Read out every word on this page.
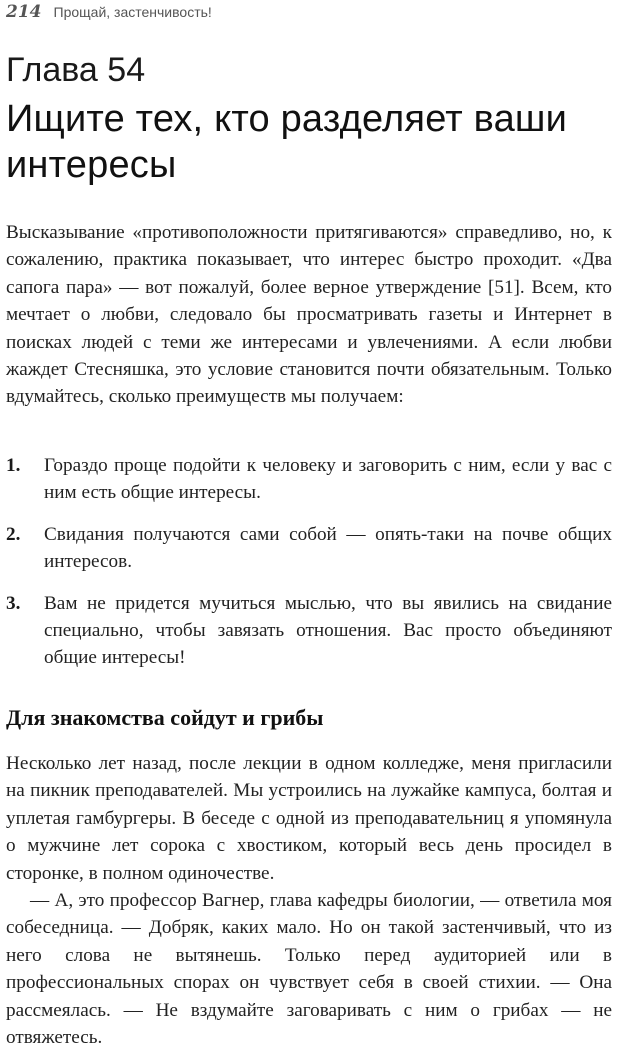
214 Прощай, застенчивость!
Глава 54
Ищите тех, кто разделяет ваши интересы

Высказывание «противоположности притягиваются» справедливо, но, к сожалению, практика показывает, что интерес быстро проходит. «Два сапога пара» — вот пожалуй, более верное утверждение [51]. Всем, кто мечтает о любви, следовало бы просматривать газеты и Интернет в поисках людей с теми же интересами и увлечениями. А если любви жаждет Стесняшка, это условие становится почти обязательным. Только вдумайтесь, сколько преимуществ мы получаем:

1.	Гораздо проще подойти к человеку и заговорить с ним, если у вас с ним есть общие интересы.
2.	Свидания получаются сами собой — опять-таки на почве общих интересов.
3.	Вам не придется мучиться мыслью, что вы явились на свидание специально, чтобы завязать отношения. Вас просто объединяют общие интересы!
Для знакомства сойдут и грибы

Несколько лет назад, после лекции в одном колледже, меня пригласили на пикник преподавателей. Мы устроились на лужайке кампуса, болтая и уплетая гамбургеры. В беседе с одной из преподавательниц я упомянула о мужчине лет сорока с хвостиком, который весь день просидел в сторонке, в полном одиночестве.

— А, это профессор Вагнер, глава кафедры биологии, — ответила моя собеседница. — Добряк, каких мало. Но он такой застенчивый, что из него слова не вытянешь. Только перед аудиторией или в профессиональных спорах он чувствует себя в своей стихии. — Она рассмеялась. — Не вздумайте заговаривать с ним о грибах — не отвяжетесь.
